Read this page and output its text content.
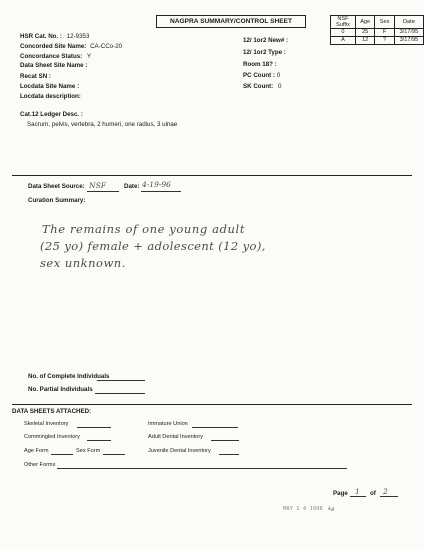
NAGPRA SUMMARY/CONTROL SHEET	NSF Suffix	Age	Sex	Date
0	25	F	3/17/95
A	12	?	3/17/95
HSR Cat. No. : 12-9353
Concorded Site Name: CA-CCo-20
Concordance Status: Y
Data Sheet Site Name :
Recat SN :
Locdata Site Name :
Locdata description:
12/ 1or2 New# :
12/ 1or2 Type :
Room 18? :
PC Count : 0
SK Count: 0
Cat.12 Ledger Desc. :
Sacrum, pelvis, vertebra, 2 humeri, one radius, 3 ulnae
Data Sheet Source: NSF	Date: 4-19-96
Curation Summary:
The remains of one young adult
(25 yo) female + adolescent (12 yo),
sex unknown.
No. of Complete Individuals
No. Partial Individuals
DATA SHEETS ATTACHED:
Skeletal Inventory	Immature Union
Commingled Inventory	Adult Dental Inventory
Age Form	Sex Form	Juvenile Dental Inventory
Other Forms
Page 1 of 2
MAY 1 4 1998 kg
